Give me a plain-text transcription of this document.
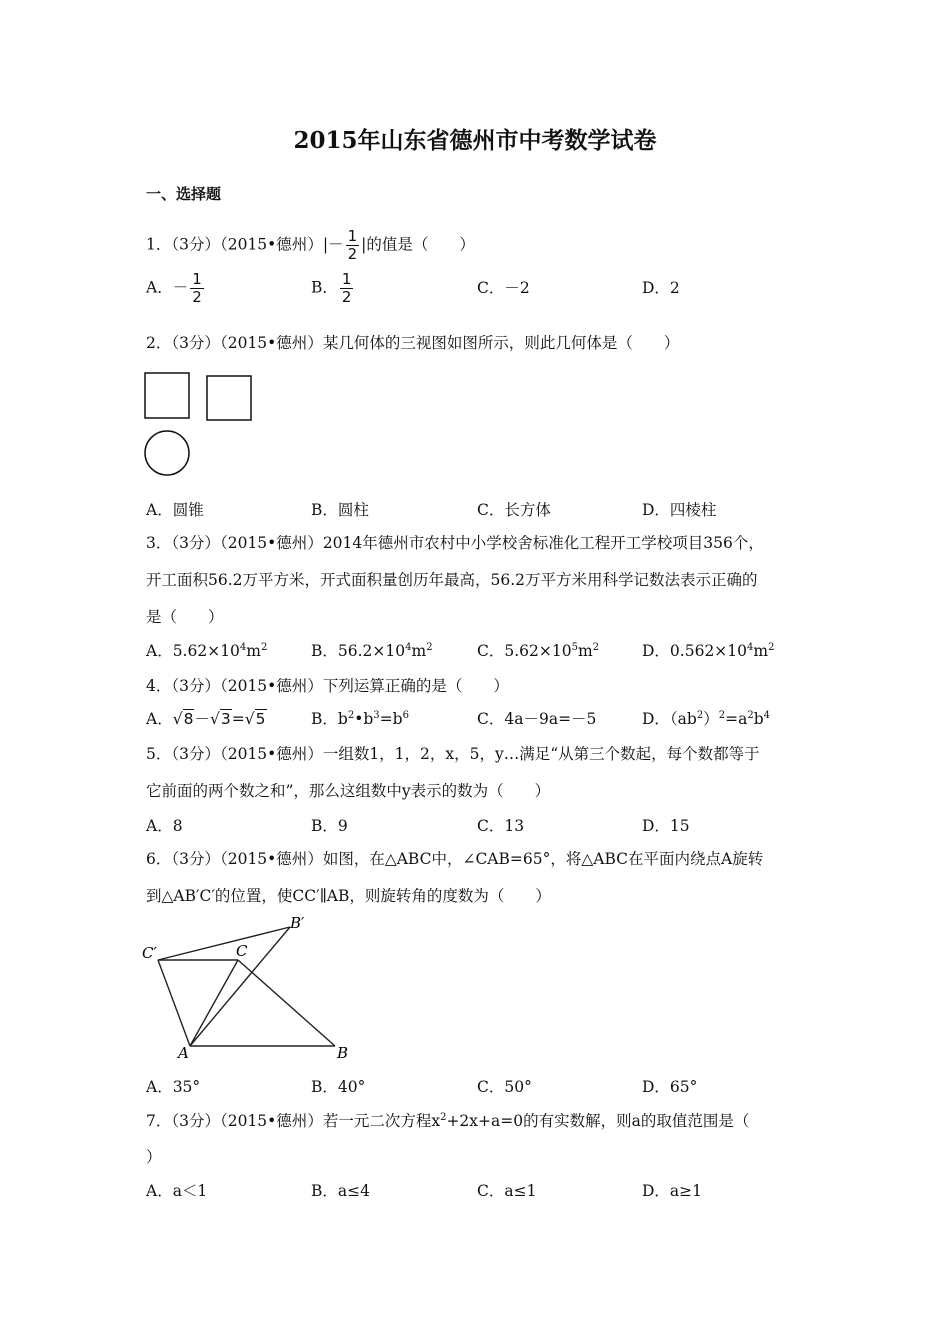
2015年山东省德州市中考数学试卷
一、选择题
1．（3分）（2015•德州）|－ $\frac{1}{2}$ |的值是（　　）
A．－ $\frac{1}{2}$	B． $\frac{1}{2}$	C．－2	D．2
2．（3分）（2015•德州）某几何体的三视图如图所示，则此几何体是（　　）
A．圆锥	B．圆柱	C．长方体	D．四棱柱
3．（3分）（2015•德州）2014年德州市农村中小学校舍标准化工程开工学校项目356个，
开工面积56.2万平方米，开式面积量创历年最高，56.2万平方米用科学记数法表示正确的
是（　　）
A．$5.62\times 10^4m^2$	B．$56.2\times 10^4m^2$	C．$5.62\times 10^5m^2$	D．$0.562\times 10^4m^2$
4．（3分）（2015•德州）下列运算正确的是（　　）
A．√8－√3=√5	B．$b^2•b^3=b^6$	C．4a－9a=－5	D．$(ab^2)^2=a^2b^4$
5．（3分）（2015•德州）一组数1，1，2，x，5，y…满足“从第三个数起，每个数都等于
它前面的两个数之和”，那么这组数中y表示的数为（　　）
A．8	B．9	C．13	D．15
6．（3分）（2015•德州）如图，在△ABC中，∠CAB=65°，将△ABC在平面内绕点A旋转
到△AB′C′的位置，使CC′∥AB，则旋转角的度数为（　　）
C′	C
B′
A	B
A．35°	B．40°	C．50°	D．65°
7．（3分）（2015•德州）若一元二次方程$x^2+2x+a=0$的有实数解，则a的取值范围是（
）
A．a＜1	B．a≤4	C．a≤1	D．a≥1
